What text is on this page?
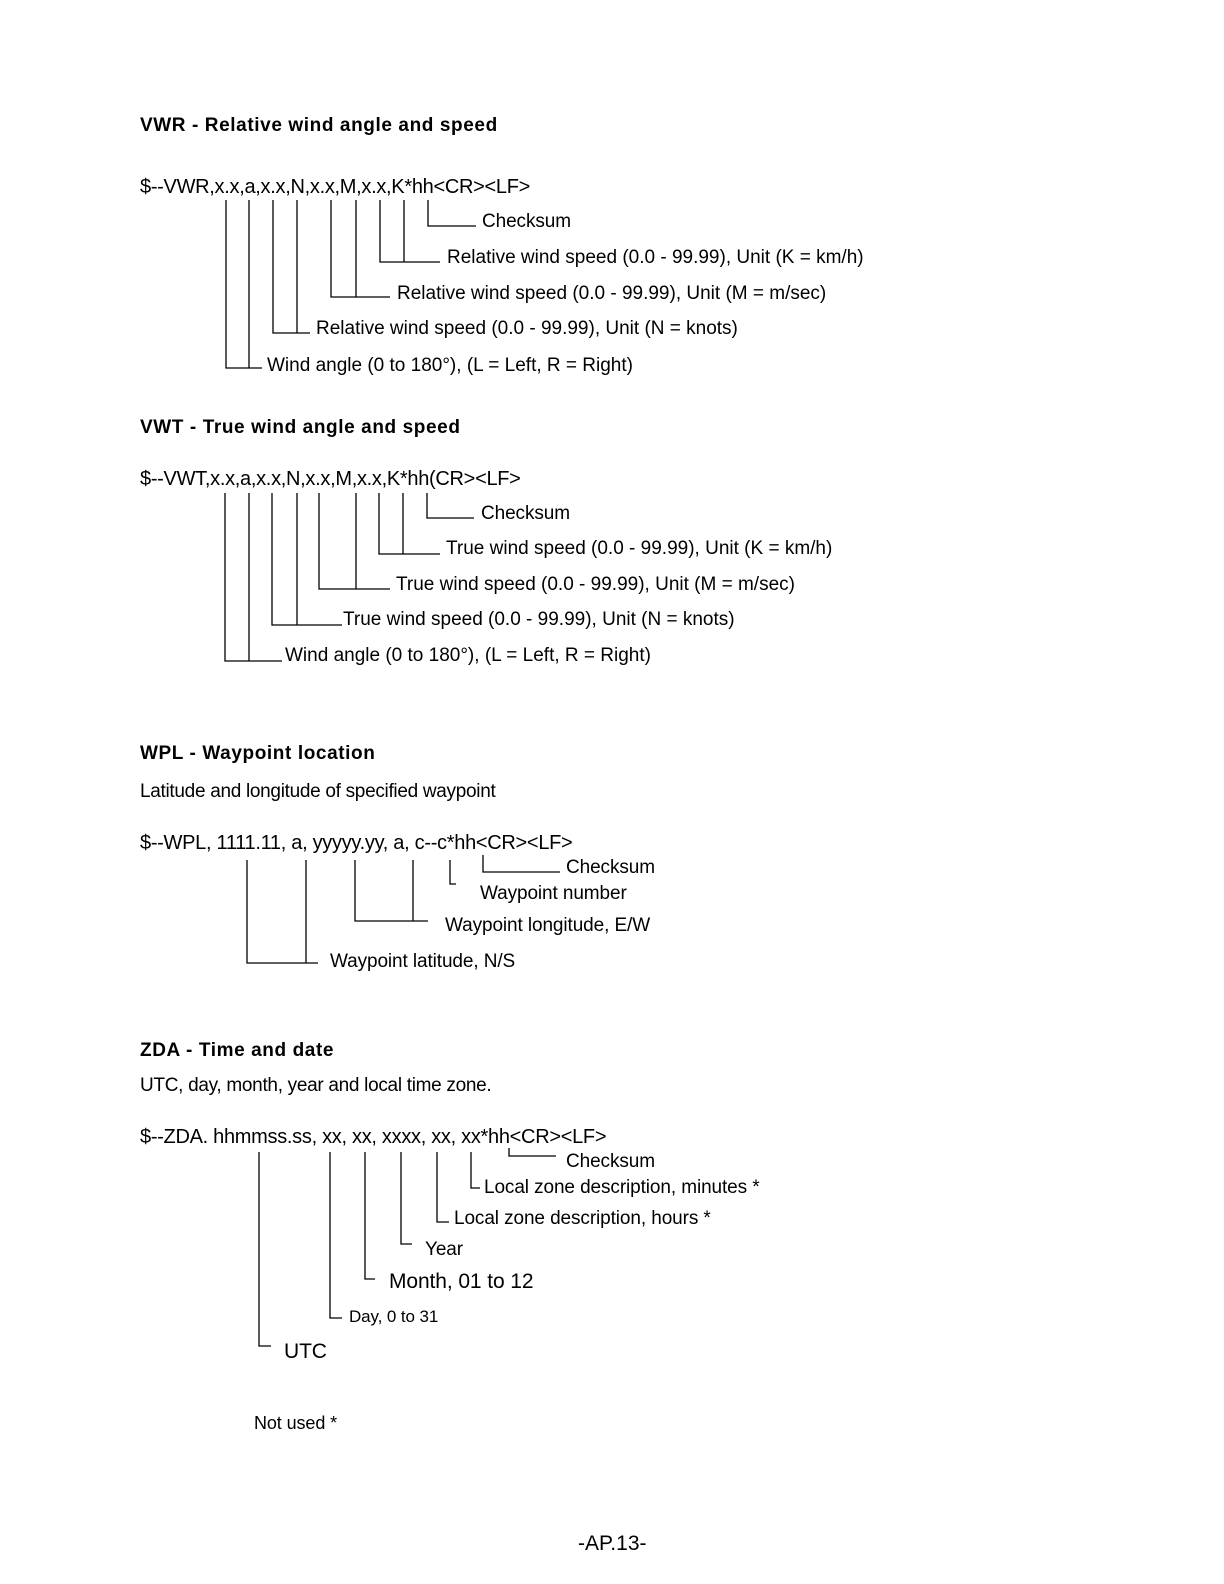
VWR - Relative wind angle and speed
$--VWR,x.x,a,x.x,N,x.x,M,x.x,K*hh<CR><LF>
Checksum
Relative wind speed (0.0 - 99.99), Unit (K = km/h)
Relative wind speed (0.0 - 99.99), Unit (M = m/sec)
Relative wind speed (0.0 - 99.99), Unit (N = knots)
Wind angle (0 to 180°), (L = Left, R = Right)
VWT - True wind angle and speed
$--VWT,x.x,a,x.x,N,x.x,M,x.x,K*hh(CR><LF>
Checksum
True wind speed (0.0 - 99.99), Unit (K = km/h)
True wind speed (0.0 - 99.99), Unit (M = m/sec)
True wind speed (0.0 - 99.99), Unit (N = knots)
Wind angle (0 to 180°), (L = Left, R = Right)
WPL - Waypoint location
Latitude and longitude of specified waypoint
$--WPL, 1111.11, a, yyyyy.yy, a, c--c*hh<CR><LF>
Checksum
Waypoint number
Waypoint longitude, E/W
Waypoint latitude, N/S
ZDA - Time and date
UTC, day, month, year and local time zone.
$--ZDA. hhmmss.ss, xx, xx, xxxx, xx, xx*hh<CR><LF>
Checksum
Local zone description, minutes *
Local zone description, hours *
Year
Month, 01 to 12
Day, 0 to 31
UTC
Not used *
-AP.13-
